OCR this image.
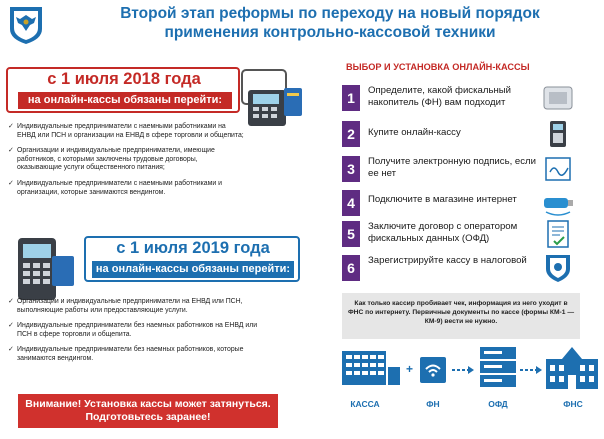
Второй этап реформы по переходу на новый порядок
применения контрольно-кассовой техники
с 1 июля 2018 года
на онлайн-кассы обязаны перейти:
✓ Индивидуальные предприниматели с наемными работниками на ЕНВД или ПСН и организации на ЕНВД в сфере торговли и общепита;
✓ Организации и индивидуальные предприниматели, имеющие работников, с которыми заключены трудовые договоры, оказывающие услуги общественного питания;
✓ Индивидуальные предприниматели с наемными работниками и организации, которые занимаются вендингом.
с 1 июля 2019 года
на онлайн-кассы обязаны перейти:
✓ Организации и индивидуальные предприниматели на ЕНВД или ПСН, выполняющие работы или предоставляющие услуги.
✓ Индивидуальные предприниматели без наемных работников на ЕНВД или ПСН в сфере торговли и общепита.
✓ Индивидуальные предприниматели без наемных работников, которые занимаются вендингом.
Внимание! Установка кассы может затянуться.
Подготовьтесь заранее!
ВЫБОР И УСТАНОВКА ОНЛАЙН-КАССЫ
1	Определите, какой фискальный накопитель (ФН) вам подходит
2	Купите онлайн-кассу
3	Получите электронную подпись, если ее нет
4	Подключите в магазине интернет
5	Заключите договор с оператором фискальных данных (ОФД)
6	Зарегистрируйте кассу в налоговой
Как только кассир пробивает чек, информация из него уходит в ФНС по интернету. Первичные документы по кассе (формы КМ-1 — КМ-9) вести не нужно.
+
КАССА	ФН	ОФД	ФНС
